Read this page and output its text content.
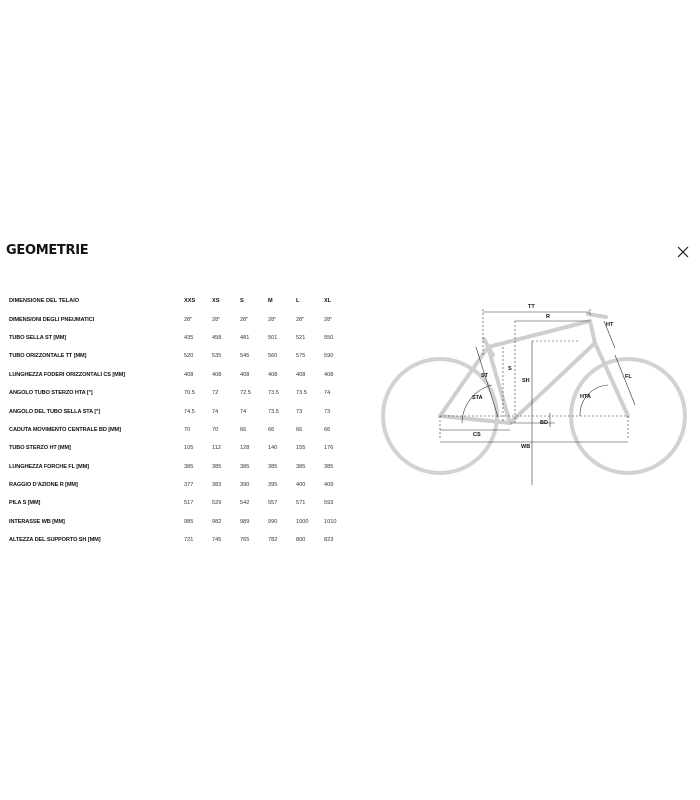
GEOMETRIE
DIMENSIONE DEL TELAIO	XXS	XS	S	M	L	XL
DIMENSIONI DEGLI PNEUMATICI	28"	28"	28"	28"	28"	28"
TUBO SELLA ST [MM]	435	458	481	501	521	550
TUBO ORIZZONTALE TT [MM]	520	535	545	560	575	590
LUNGHEZZA FODERI ORIZZONTALI CS [MM]	408	408	408	408	408	408
ANGOLO TUBO STERZO HTA [°]	70.5	72	72.5	73.5	73.5	74
ANGOLO DEL TUBO SELLA STA [°]	74.5	74	74	73.5	73	73
CADUTA MOVIMENTO CENTRALE BD [MM]	70	70	66	66	66	66
TUBO STERZO HT [MM]	105	112	128	140	155	176
LUNGHEZZA FORCHE FL [MM]	385	385	385	385	385	385
RAGGIO D'AZIONE R [MM]	377	383	390	395	400	409
PILA S [MM]	517	529	542	557	571	593
INTERASSE WB [MM]	985	982	989	990	1000	1010
ALTEZZA DEL SUPPORTO SH [MM]	721	745	765	782	800	823
TT
R
HT
ST
S
SH
FL
STA	HTA
BD
CS
WB
